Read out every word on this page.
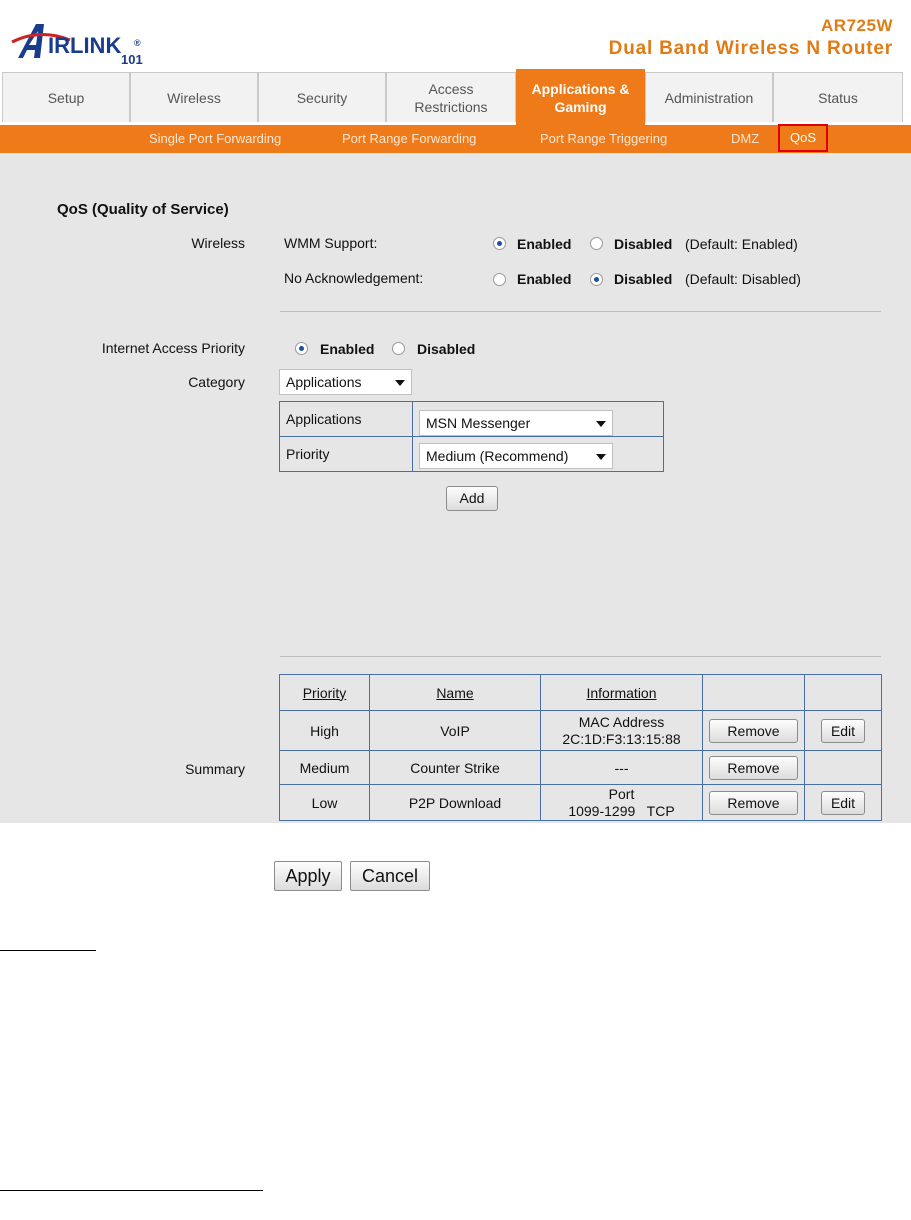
IRLINK ®
101
AR725W
Dual Band Wireless N Router
Setup	Wireless	Security
Access Restrictions
Applications & Gaming
Administration	Status
Single Port Forwarding	Port Range Forwarding	Port Range Triggering	DMZ	QoS
QoS (Quality of Service)
Wireless	WMM Support:	Enabled	Disabled (Default: Enabled)
No Acknowledgement:	Enabled	Disabled (Default: Disabled)
Internet Access Priority	Enabled	Disabled
Category	Applications
Applications	MSN Messenger

Priority	Medium (Recommend)
Add
Summary
Priority	Name	Information		
High	VoIP	MAC Address
2C:1D:F3:13:15:88	Remove	Edit
Medium	Counter Strike	---	Remove	
Low	P2P Download	Port
1099-1299   TCP	Remove	Edit
Apply	Cancel
